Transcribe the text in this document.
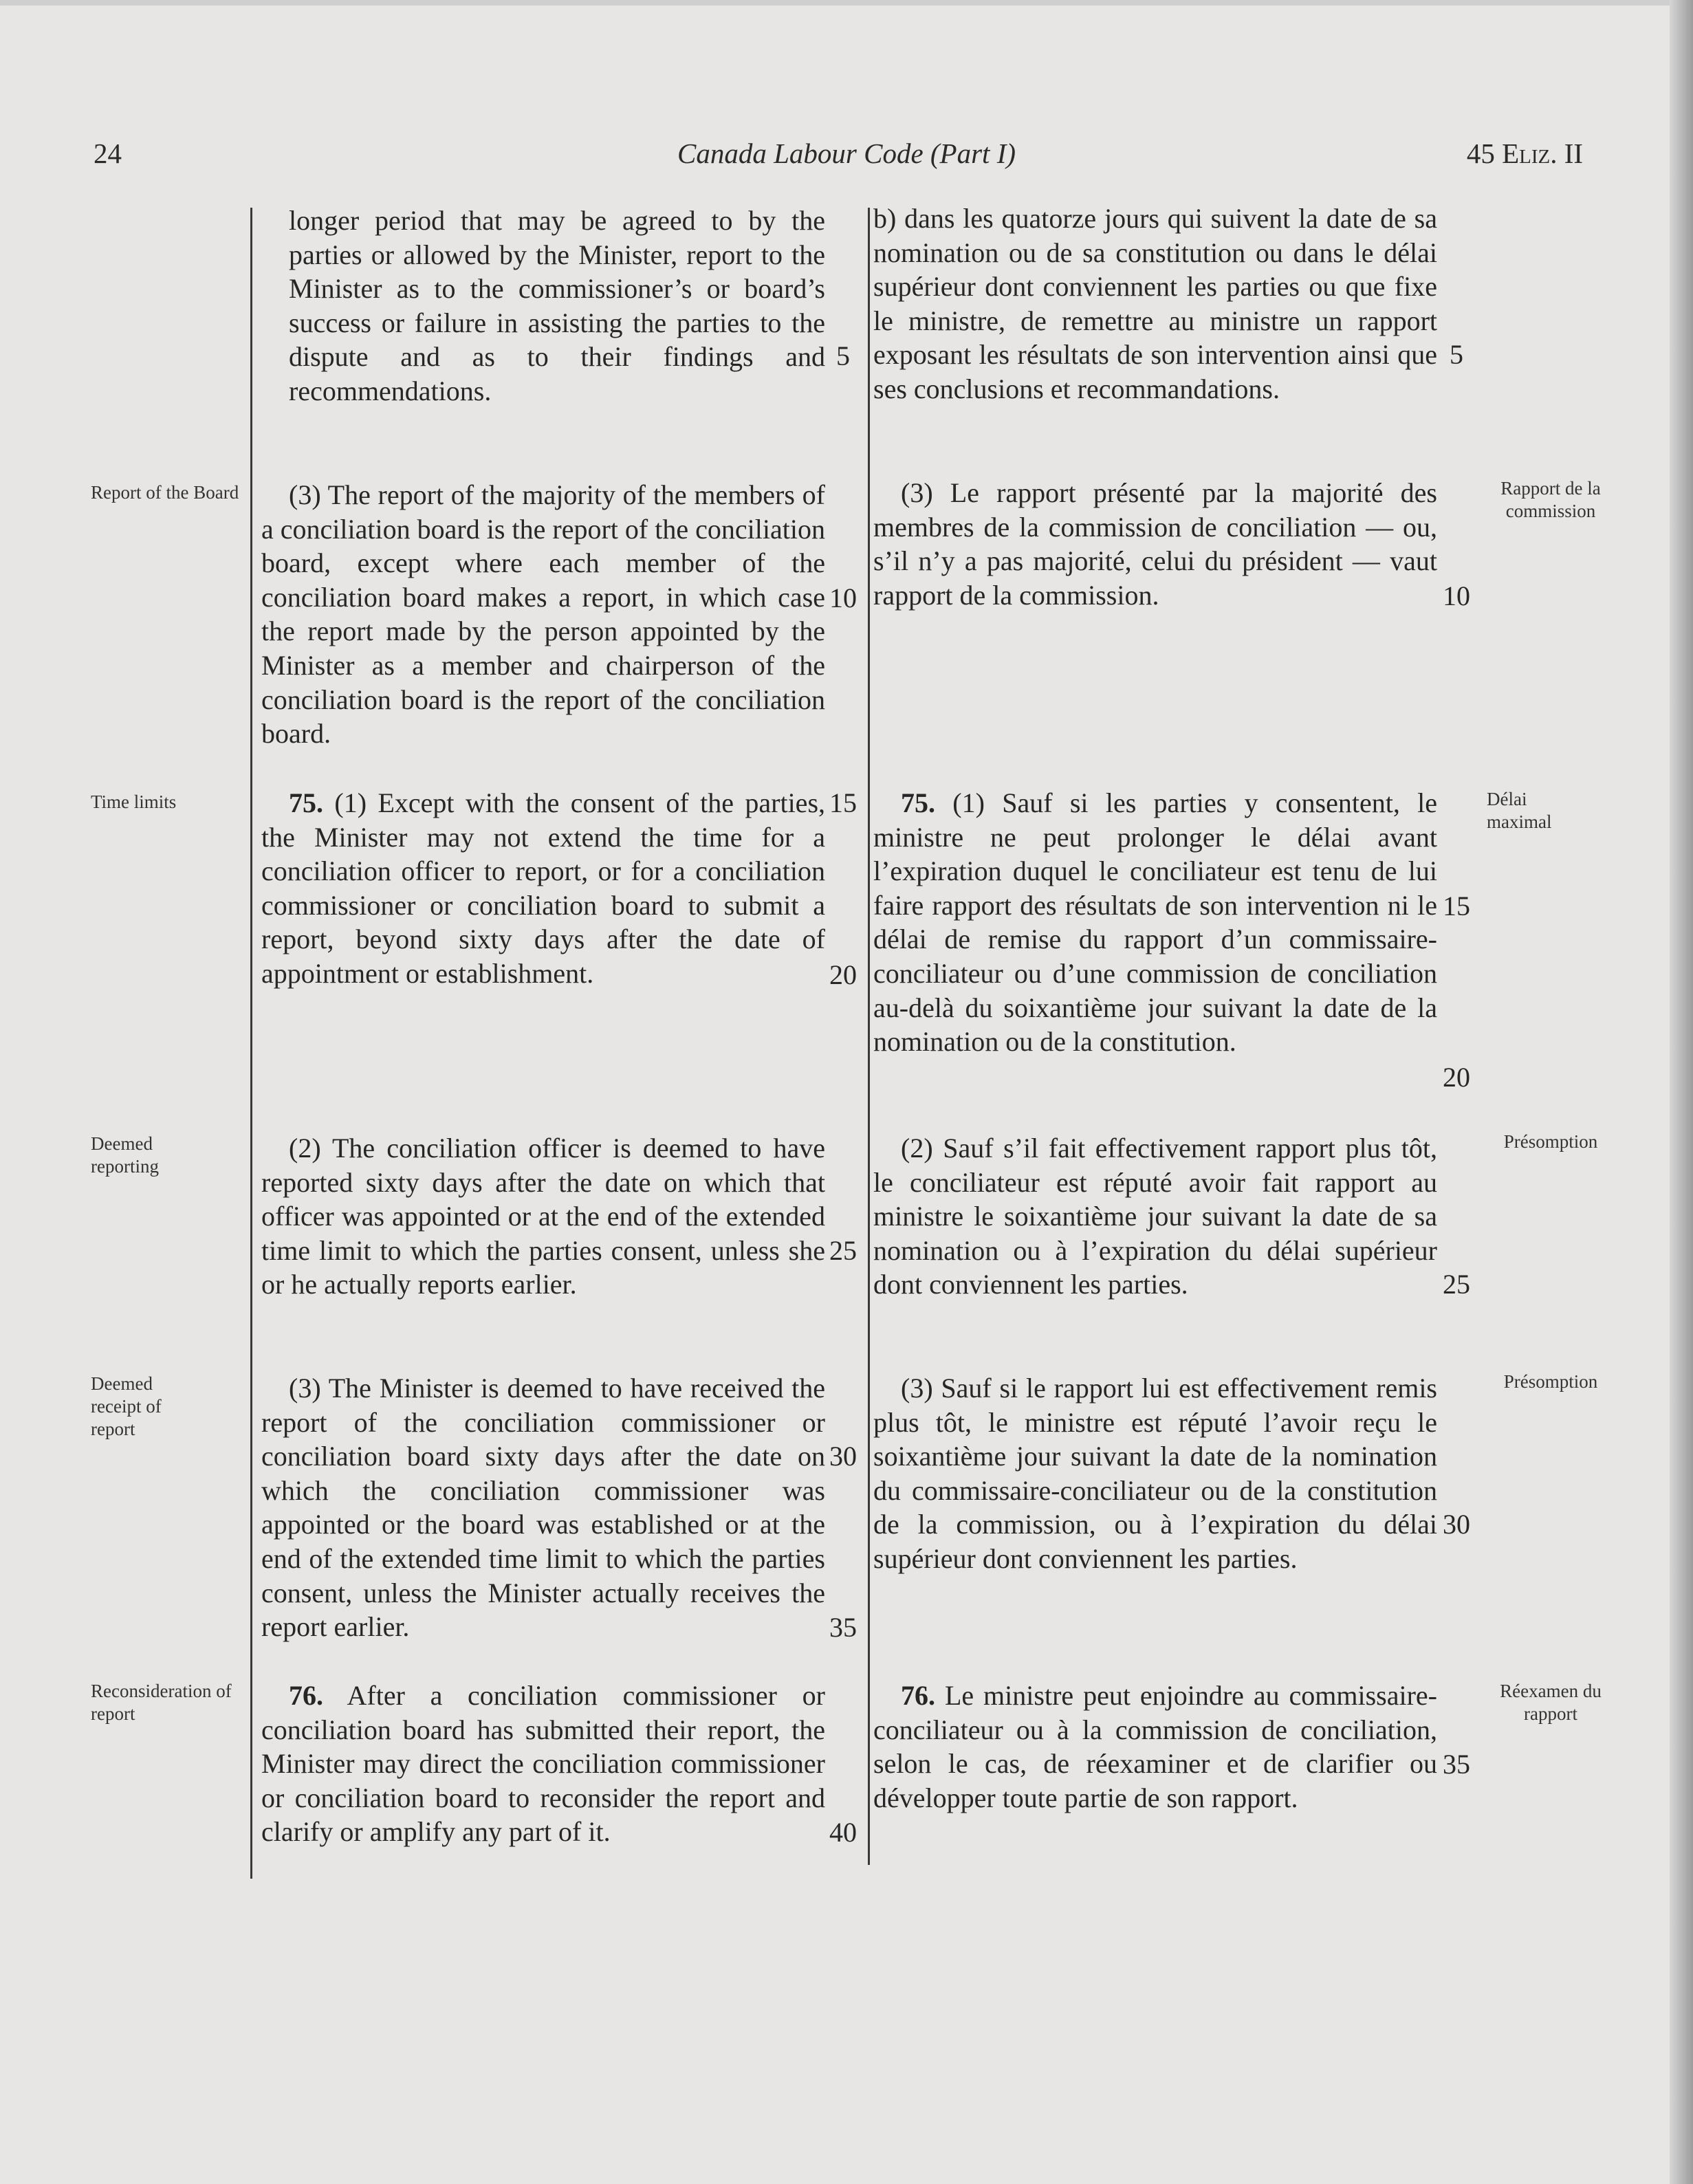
24	Canada Labour Code (Part I)	45 Eliz. II
Report of the Board
Time limits
Deemed reporting
Deemed receipt of report
Reconsideration of report
Rapport de la commission
Délai maximal
Présomption
Présomption
Réexamen du rapport

longer period that may be agreed to by the parties or allowed by the Minister, report to the Minister as to the commissioner’s or board’s success or failure in assisting the parties to the dispute and as to their findings and recommendations.

(3) The report of the majority of the members of a conciliation board is the report of the conciliation board, except where each member of the conciliation board makes a report, in which case the report made by the person appointed by the Minister as a member and chairperson of the conciliation board is the report of the conciliation board.

75. (1) Except with the consent of the parties, the Minister may not extend the time for a conciliation officer to report, or for a conciliation commissioner or conciliation board to submit a report, beyond sixty days after the date of appointment or establishment.

(2) The conciliation officer is deemed to have reported sixty days after the date on which that officer was appointed or at the end of the extended time limit to which the parties consent, unless she or he actually reports earlier.

(3) The Minister is deemed to have received the report of the conciliation commissioner or conciliation board sixty days after the date on which the conciliation commissioner was appointed or the board was established or at the end of the extended time limit to which the parties consent, unless the Minister actually receives the report earlier.

76. After a conciliation commissioner or conciliation board has submitted their report, the Minister may direct the conciliation commissioner or conciliation board to reconsider the report and clarify or amplify any part of it.

b) dans les quatorze jours qui suivent la date de sa nomination ou de sa constitution ou dans le délai supérieur dont conviennent les parties ou que fixe le ministre, de remettre au ministre un rapport exposant les résultats de son intervention ainsi que ses conclusions et recommandations.

(3) Le rapport présenté par la majorité des membres de la commission de conciliation — ou, s’il n’y a pas majorité, celui du président — vaut rapport de la commission.

75. (1) Sauf si les parties y consentent, le ministre ne peut prolonger le délai avant l’expiration duquel le conciliateur est tenu de lui faire rapport des résultats de son intervention ni le délai de remise du rapport d’un commissaire-conciliateur ou d’une commission de conciliation au-delà du soixantième jour suivant la date de la nomination ou de la constitution.

(2) Sauf s’il fait effectivement rapport plus tôt, le conciliateur est réputé avoir fait rapport au ministre le soixantième jour suivant la date de sa nomination ou à l’expiration du délai supérieur dont conviennent les parties.

(3) Sauf si le rapport lui est effectivement remis plus tôt, le ministre est réputé l’avoir reçu le soixantième jour suivant la date de la nomination du commissaire-conciliateur ou de la constitution de la commission, ou à l’expiration du délai supérieur dont conviennent les parties.

76. Le ministre peut enjoindre au commissaire-conciliateur ou à la commission de conciliation, selon le cas, de réexaminer et de clarifier ou développer toute partie de son rapport.

5
10
15
20
25
30
35
40
5
10
15
20
25
30
35
